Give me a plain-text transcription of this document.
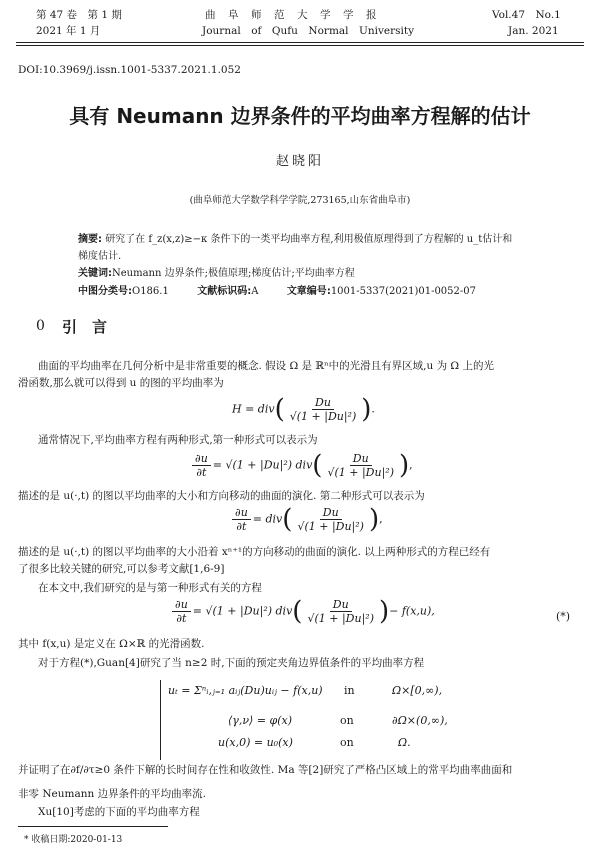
第 47 卷　第 1 期
2021 年 1 月
曲　阜　师　范　大　学　学　报
Journal　of　Qufu　Normal　University
Vol.47　No.1
Jan. 2021
DOI:10.3969/j.issn.1001-5337.2021.1.052
具有 Neumann 边界条件的平均曲率方程解的估计
赵晓阳
(曲阜师范大学数学科学学院,273165,山东省曲阜市)
摘要: 研究了在 f_z(x,z)≥−κ 条件下的一类平均曲率方程,利用极值原理得到了方程解的 u_t估计和
梯度估计.
关键词:Neumann 边界条件;极值原理;梯度估计;平均曲率方程
中图分类号:O186.1	文献标识码:A	文章编号:1001-5337(2021)01-0052-07
0 引　言
曲面的平均曲率在几何分析中是非常重要的概念. 假设 Ω 是 ℝⁿ中的光滑且有界区域,u 为 Ω 上的光
滑函数,那么就可以得到 u 的图的平均曲率为
$H = div( \frac{Du}{\text{√(1 + |Du|²)}}$ ).
通常情况下,平均曲率方程有两种形式,第一种形式可以表示为
$\frac{\partial u}{\partial t} = √(1 + |Du|^2)$ $div( \frac{Du}{\text{√(1 + |Du|²)}}$ ),
描述的是 u(·,t) 的图以平均曲率的大小和方向移动的曲面的演化. 第二种形式可以表示为
$\frac{\partial u}{\partial t} = div( \frac{Du}{\text{√(1 + |Du|²)}}$ ),
描述的是 u(·,t) 的图以平均曲率的大小沿着 xⁿ⁺¹的方向移动的曲面的演化. 以上两种形式的方程已经有
了很多比较关键的研究,可以参考文献[1,6-9]
在本文中,我们研究的是与第一种形式有关的方程
$\frac{\partial u}{\partial t} = √(1 + |Du|^2)$ $div( \frac{Du}{\text{√(1 + |Du|²)}}$ )− f(x,u),	(*)
其中 f(x,u) 是定义在 Ω×ℝ 的光滑函数.
对于方程(*),Guan[4]研究了当 n≥2 时,下面的预定夹角边界值条件的平均曲率方程
uₜ = Σⁿᵢ,ⱼ₌₁ aᵢⱼ(Du)uᵢⱼ − f(x,u) in	Ω×[0,∞),
⟨γ,ν⟩ = φ(x)	on	∂Ω×(0,∞),
u(x,0) = u₀(x)	on	Ω.
并证明了在∂f/∂τ≥0 条件下解的长时间存在性和收敛性. Ma 等[2]研究了严格凸区域上的常平均曲率曲面和
非零 Neumann 边界条件的平均曲率流.
Xu[10]考虑的下面的平均曲率方程
* 收稿日期:2020-01-13
